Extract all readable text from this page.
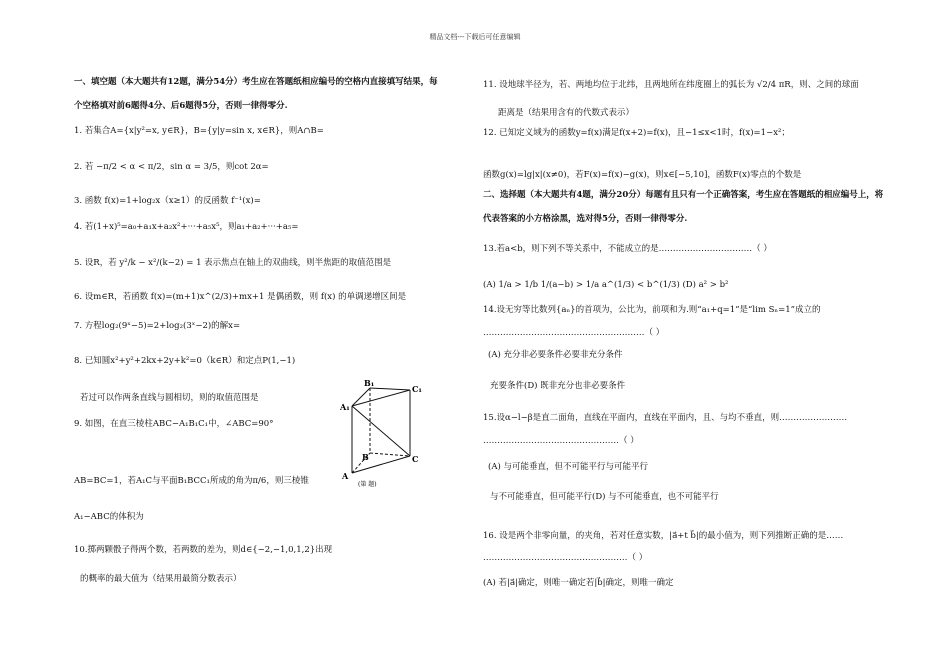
精品文档---下载后可任意编辑
一、填空题（本大题共有12题，满分54分）考生应在答题纸相应编号的空格内直接填写结果，每
个空格填对前6题得4分、后6题得5分，否则一律得零分.
1. 若集合A={x|y²=x, y∈R}，B={y|y=sin x, x∈R}，则A∩B=
2. 若 −π/2 < α < π/2，sin α = 3/5，则cot 2α=
3. 函数 f(x)=1+log₂x（x≥1）的反函数 f⁻¹(x)=
4. 若(1+x)⁵=a₀+a₁x+a₂x²+···+a₅x⁵，则a₁+a₂+···+a₅=
5. 设R，若 y²/k − x²/(k−2) = 1 表示焦点在轴上的双曲线，则半焦距的取值范围是
6. 设m∈R，若函数 f(x)=(m+1)x^(2/3)+mx+1 是偶函数，则 f(x) 的单调递增区间是
7. 方程log₂(9ˣ−5)=2+log₂(3ˣ−2)的解x=
8. 已知圆x²+y²+2kx+2y+k²=0（k∈R）和定点P(1,−1)
若过可以作两条直线与圆相切，则的取值范围是
9. 如图，在直三棱柱ABC−A₁B₁C₁中，∠ABC=90°
AB=BC=1，若A₁C与平面B₁BCC₁所成的角为π/6，则三棱锥
A₁−ABC的体积为
10.掷两颗骰子得两个数，若两数的差为，则d∈{−2,−1,0,1,2}出现
的概率的最大值为（结果用最简分数表示）
B₁
C₁
A₁
B	C
A
(第 题)
11. 设地球半径为，若、两地均位于北纬，且两地所在纬度圈上的弧长为 √2/4 πR，则、之间的球面
距离是（结果用含有的代数式表示）
12. 已知定义域为的函数y=f(x)满足f(x+2)=f(x)，且−1≤x<1时，f(x)=1−x²；
函数g(x)=lg|x|(x≠0)，若F(x)=f(x)−g(x)，则x∈[−5,10]，函数F(x)零点的个数是
二、选择题（本大题共有4题，满分20分）每题有且只有一个正确答案，考生应在答题纸的相应编号上，将
代表答案的小方格涂黑，选对得5分，否则一律得零分.
13.若a<b，则下列不等关系中，不能成立的是……………………………（ ）
(A) 1/a > 1/b 1/(a−b) > 1/a a^(1/3) < b^(1/3) (D) a² > b²
14.设无穷等比数列{aₙ}的首项为，公比为，前项和为.则“a₁+q=1”是“lim Sₙ=1”成立的
…………………………………………………（ ）
(A) 充分非必要条件必要非充分条件
充要条件(D) 既非充分也非必要条件
15.设α−l−β是直二面角，直线在平面内，直线在平面内，且、与均不垂直，则……………………
…………………………………………（ ）
(A) 与可能垂直，但不可能平行与可能平行
与不可能垂直，但可能平行(D) 与不可能垂直，也不可能平行
16. 设是两个非零向量，的夹角，若对任意实数，|a⃗+t b⃗|的最小值为，则下列推断正确的是……
……………………………………………（ ）
(A) 若|a⃗|确定，则唯一确定若|b⃗|确定，则唯一确定
